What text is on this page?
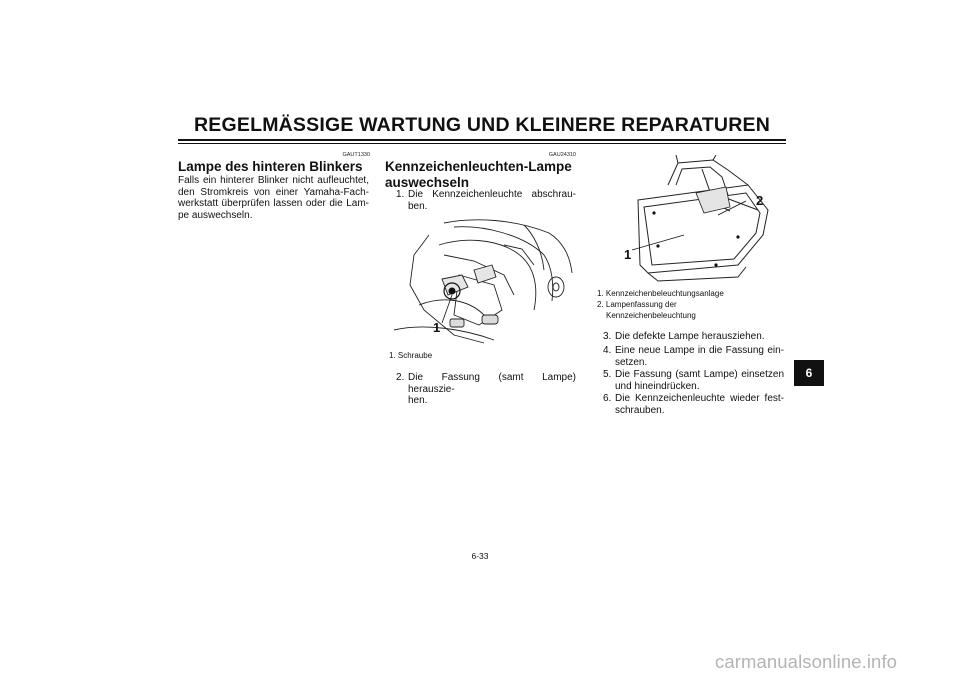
REGELMÄSSIGE WARTUNG UND KLEINERE REPARATUREN
GAUT1330
Lampe des hinteren Blinkers
Falls ein hinterer Blinker nicht aufleuchtet,
den Stromkreis von einer Yamaha-Fach-
werkstatt überprüfen lassen oder die Lam-
pe auswechseln.
GAU24310
Kennzeichenleuchten-Lampe
auswechseln
1. Die Kennzeichenleuchte abschrau-
ben.
1
1. Schraube
2. Die Fassung (samt Lampe) herauszie-
hen.
2
1
1. Kennzeichenbeleuchtungsanlage
2. Lampenfassung der
Kennzeichenbeleuchtung
3. Die defekte Lampe herausziehen.
4. Eine neue Lampe in die Fassung ein-
setzen.
5. Die Fassung (samt Lampe) einsetzen
und hineindrücken.
6. Die Kennzeichenleuchte wieder fest-
schrauben.
6
6-33
carmanualsonline.info
